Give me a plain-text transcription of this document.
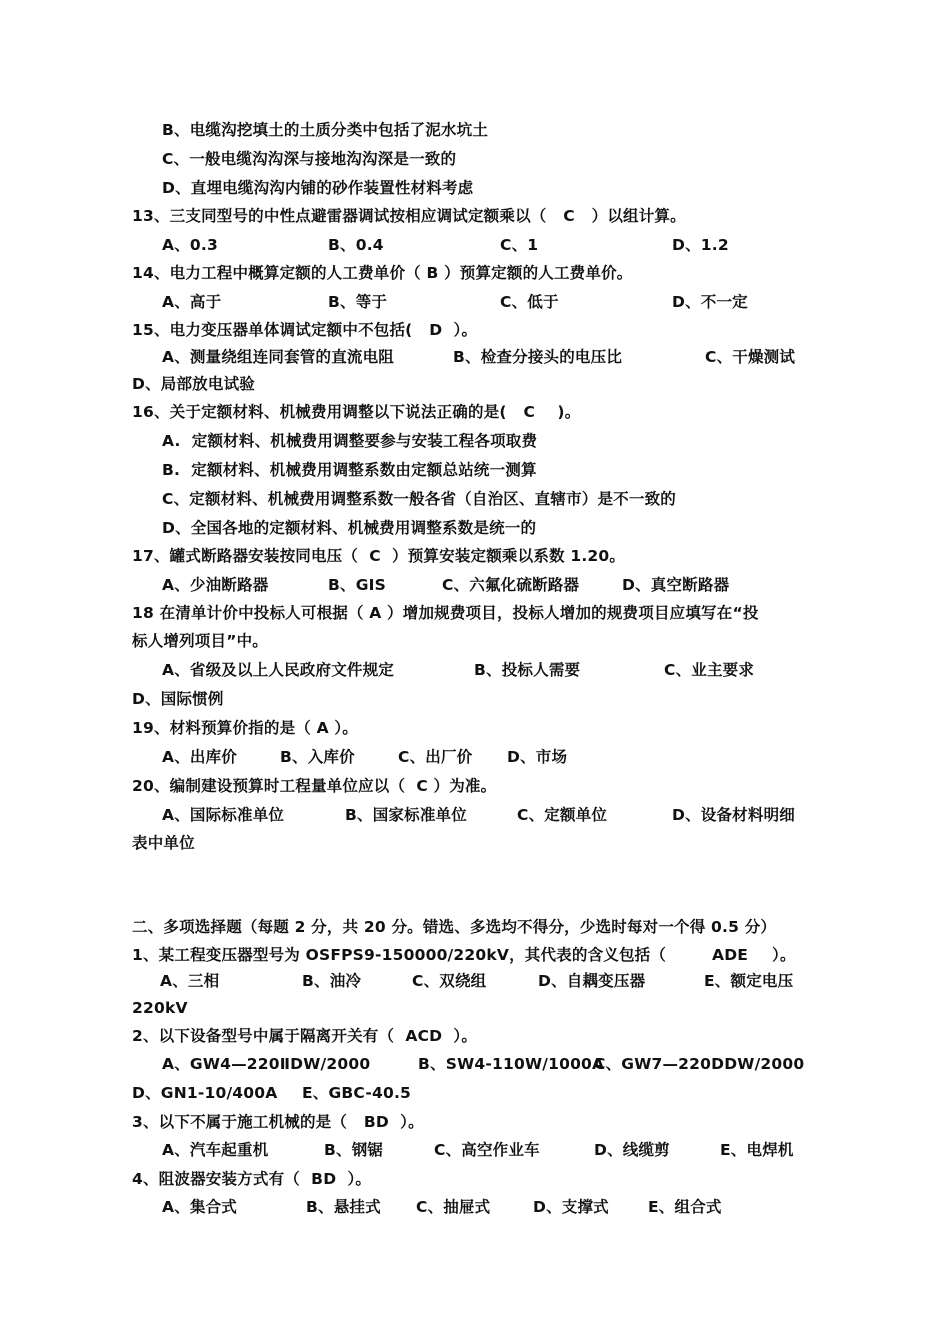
B、电缆沟挖填土的土质分类中包括了泥水坑土
C、一般电缆沟沟深与接地沟沟深是一致的
D、直埋电缆沟沟内铺的砂作装置性材料考虑
13、三支同型号的中性点避雷器调试按相应调试定额乘以（   C   ）以组计算。
A、0.3	B、0.4	C、1	D、1.2
14、电力工程中概算定额的人工费单价（ B ）预算定额的人工费单价。
A、高于	B、等于	C、低于	D、不一定
15、电力变压器单体调试定额中不包括(   D  ）。
A、测量绕组连同套管的直流电阻	B、检查分接头的电压比	C、干燥测试
D、局部放电试验
16、关于定额材料、机械费用调整以下说法正确的是(   C    )。
A.  定额材料、机械费用调整要参与安装工程各项取费
B.  定额材料、机械费用调整系数由定额总站统一测算
C、定额材料、机械费用调整系数一般各省（自治区、直辖市）是不一致的
D、全国各地的定额材料、机械费用调整系数是统一的
17、罐式断路器安装按同电压（  C  ）预算安装定额乘以系数 1.20。
A、少油断路器	B、GIS	C、六氟化硫断路器	D、真空断路器
18 在清单计价中投标人可根据（ A ）增加规费项目，投标人增加的规费项目应填写在“投
标人增列项目”中。
A、省级及以上人民政府文件规定	B、投标人需要	C、业主要求
D、国际惯例
19、材料预算价指的是（ A ）。
A、出库价	B、入库价	C、出厂价 D、市场
20、编制建设预算时工程量单位应以（  C ）为准。
A、国际标准单位	B、国家标准单位	C、定额单位	D、设备材料明细
表中单位
二、多项选择题（每题 2 分，共 20 分。错选、多选均不得分，少选时每对一个得 0.5 分）
1、某工程变压器型号为 OSFPS9-150000/220kV，其代表的含义包括（	ADE ）。
A、三相	B、油冷	C、双绕组	D、自耦变压器	E、额定电压
220kV
2、以下设备型号中属于隔离开关有（  ACD  ）。
A、GW4—220ⅡDW/2000	B、SW4-110W/1000A
C、GW7—220DDW/2000
D、GN1-10/400A E、GBC-40.5
3、以下不属于施工机械的是（   BD  ）。
A、汽车起重机	B、钢锯	C、高空作业车	D、线缆剪	E、电焊机
4、阻波器安装方式有（  BD  ）。
A、集合式	B、悬挂式 C、抽屉式	D、支撑式	E、组合式
